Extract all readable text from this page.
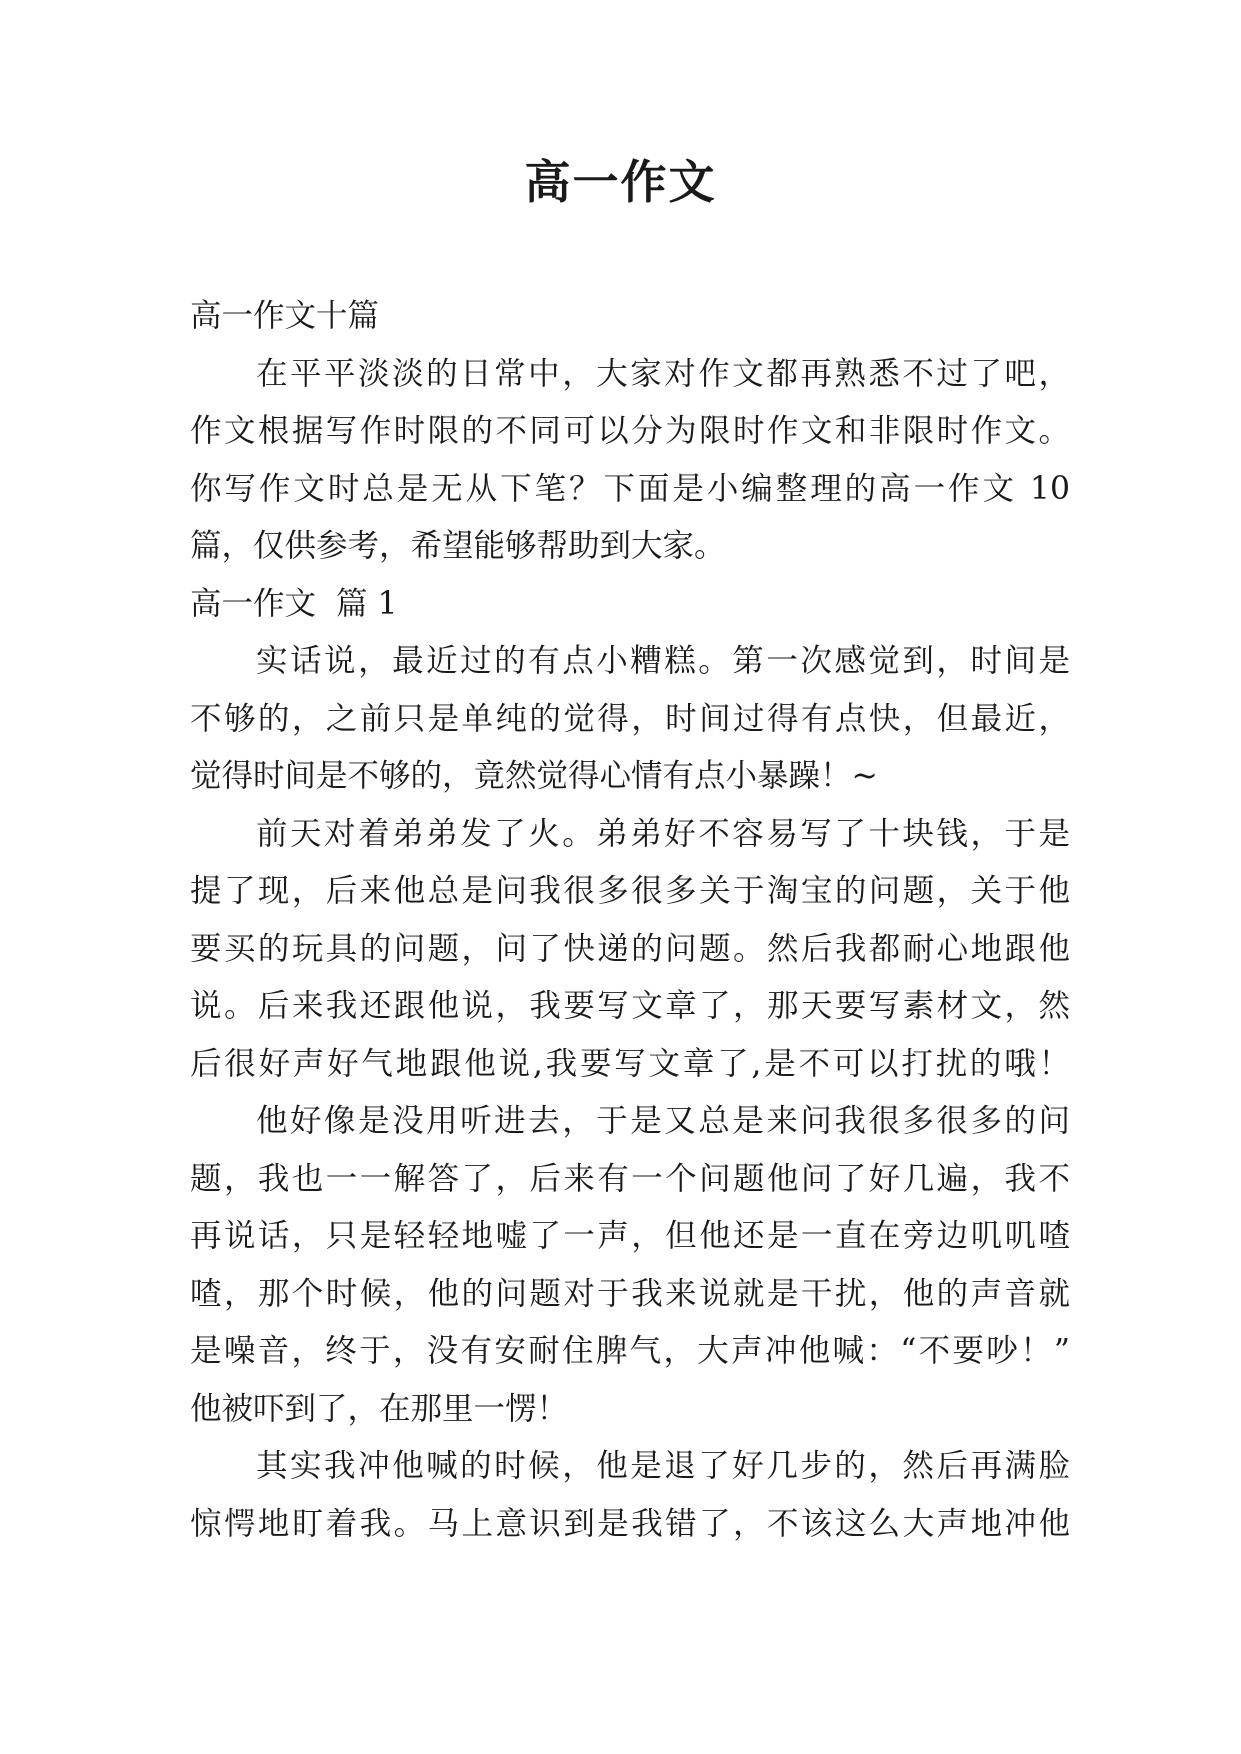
高一作文
高一作文十篇
在平平淡淡的日常中，大家对作文都再熟悉不过了吧，
作文根据写作时限的不同可以分为限时作文和非限时作文。
你写作文时总是无从下笔？下面是小编整理的高一作文 10
篇，仅供参考，希望能够帮助到大家。
高一作文  篇 1
实话说，最近过的有点小糟糕。第一次感觉到，时间是
不够的，之前只是单纯的觉得，时间过得有点快，但最近，
觉得时间是不够的，竟然觉得心情有点小暴躁！~
前天对着弟弟发了火。弟弟好不容易写了十块钱，于是
提了现，后来他总是问我很多很多关于淘宝的问题，关于他
要买的玩具的问题，问了快递的问题。然后我都耐心地跟他
说。后来我还跟他说，我要写文章了，那天要写素材文，然
后很好声好气地跟他说,我要写文章了,是不可以打扰的哦！
他好像是没用听进去，于是又总是来问我很多很多的问
题，我也一一解答了，后来有一个问题他问了好几遍，我不
再说话，只是轻轻地嘘了一声，但他还是一直在旁边叽叽喳
喳，那个时候，他的问题对于我来说就是干扰，他的声音就
是噪音，终于，没有安耐住脾气，大声冲他喊：“不要吵！”
他被吓到了，在那里一愣！
其实我冲他喊的时候，他是退了好几步的，然后再满脸
惊愕地盯着我。马上意识到是我错了，不该这么大声地冲他
